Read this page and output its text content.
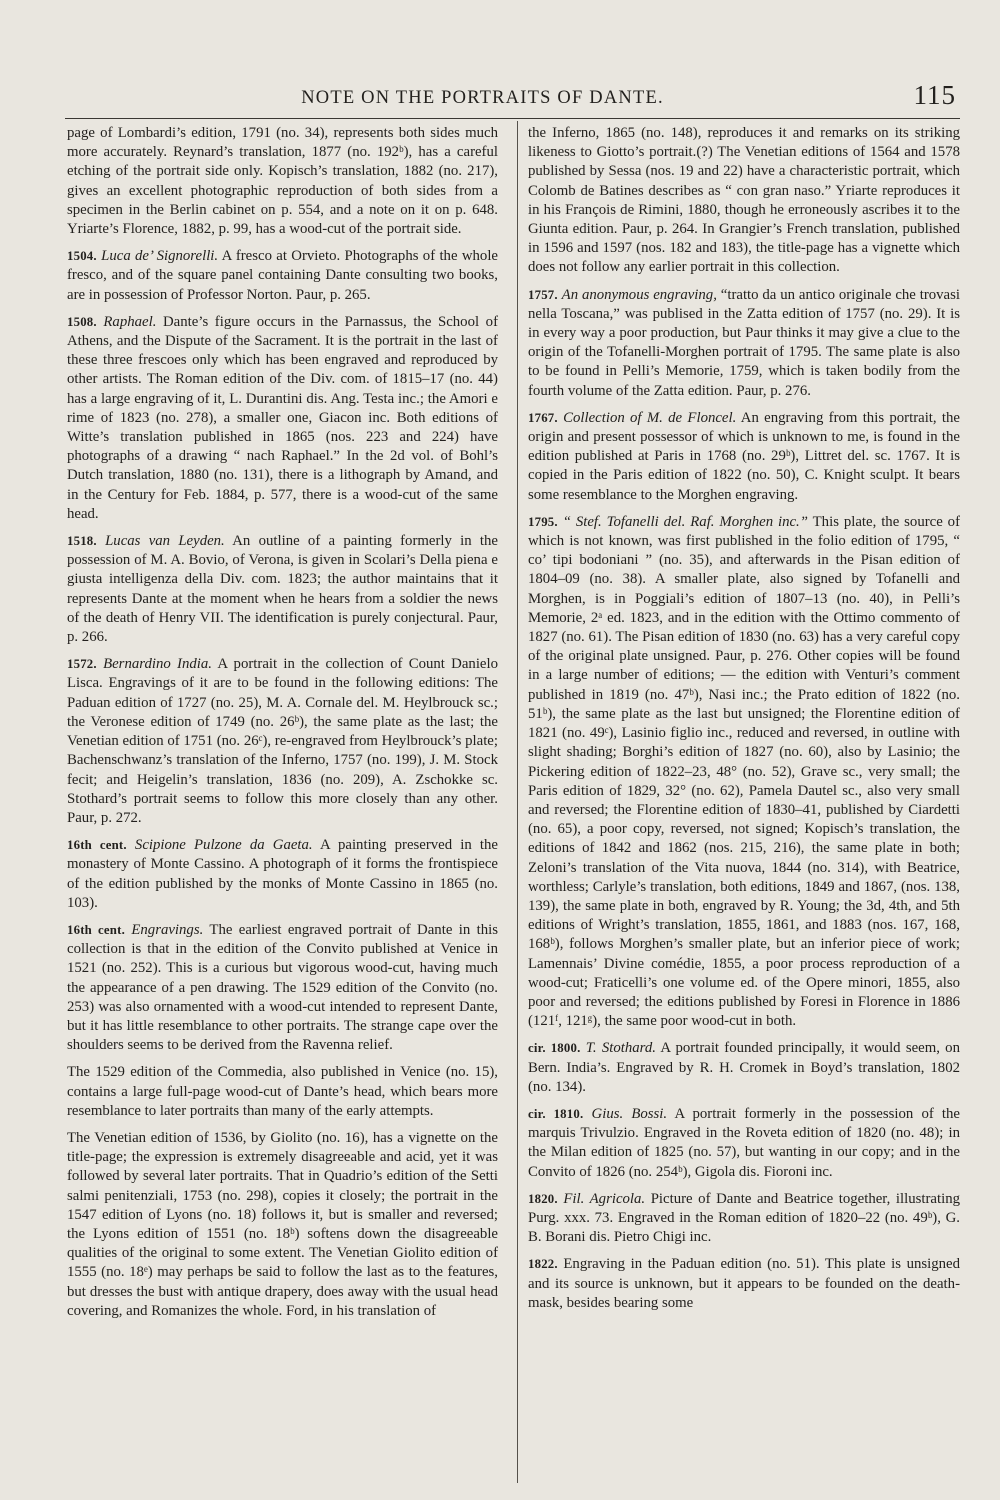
NOTE ON THE PORTRAITS OF DANTE.	115

page of Lombardi’s edition, 1791 (no. 34), represents both sides much more accurately. Reynard’s translation, 1877 (no. 192ᵇ), has a careful etching of the portrait side only. Kopisch’s translation, 1882 (no. 217), gives an excellent photographic reproduction of both sides from a specimen in the Berlin cabinet on p. 554, and a note on it on p. 648. Yriarte’s Florence, 1882, p. 99, has a wood-cut of the portrait side.

1504. Luca de’ Signorelli. A fresco at Orvieto. Photographs of the whole fresco, and of the square panel containing Dante consulting two books, are in possession of Professor Norton. Paur, p. 265.

1508. Raphael. Dante’s figure occurs in the Parnassus, the School of Athens, and the Dispute of the Sacrament. It is the portrait in the last of these three frescoes only which has been engraved and reproduced by other artists. The Roman edition of the Div. com. of 1815–17 (no. 44) has a large engraving of it, L. Durantini dis. Ang. Testa inc.; the Amori e rime of 1823 (no. 278), a smaller one, Giacon inc. Both editions of Witte’s translation published in 1865 (nos. 223 and 224) have photographs of a drawing “ nach Raphael.” In the 2d vol. of Bohl’s Dutch translation, 1880 (no. 131), there is a lithograph by Amand, and in the Century for Feb. 1884, p. 577, there is a wood-cut of the same head.

1518. Lucas van Leyden. An outline of a painting formerly in the possession of M. A. Bovio, of Verona, is given in Scolari’s Della piena e giusta intelligenza della Div. com. 1823; the author maintains that it represents Dante at the moment when he hears from a soldier the news of the death of Henry VII. The identification is purely conjectural. Paur, p. 266.

1572. Bernardino India. A portrait in the collection of Count Danielo Lisca. Engravings of it are to be found in the following editions: The Paduan edition of 1727 (no. 25), M. A. Cornale del. M. Heylbrouck sc.; the Veronese edition of 1749 (no. 26ᵇ), the same plate as the last; the Venetian edition of 1751 (no. 26ᶜ), re-engraved from Heylbrouck’s plate; Bachenschwanz’s translation of the Inferno, 1757 (no. 199), J. M. Stock fecit; and Heigelin’s translation, 1836 (no. 209), A. Zschokke sc. Stothard’s portrait seems to follow this more closely than any other. Paur, p. 272.

16th cent. Scipione Pulzone da Gaeta. A painting preserved in the monastery of Monte Cassino. A photograph of it forms the frontispiece of the edition published by the monks of Monte Cassino in 1865 (no. 103).

16th cent. Engravings. The earliest engraved portrait of Dante in this collection is that in the edition of the Convito published at Venice in 1521 (no. 252). This is a curious but vigorous wood-cut, having much the appearance of a pen drawing. The 1529 edition of the Convito (no. 253) was also ornamented with a wood-cut intended to represent Dante, but it has little resemblance to other portraits. The strange cape over the shoulders seems to be derived from the Ravenna relief.

The 1529 edition of the Commedia, also published in Venice (no. 15), contains a large full-page wood-cut of Dante’s head, which bears more resemblance to later portraits than many of the early attempts.

The Venetian edition of 1536, by Giolito (no. 16), has a vignette on the title-page; the expression is extremely disagreeable and acid, yet it was followed by several later portraits. That in Quadrio’s edition of the Setti salmi penitenziali, 1753 (no. 298), copies it closely; the portrait in the 1547 edition of Lyons (no. 18) follows it, but is smaller and reversed; the Lyons edition of 1551 (no. 18ᵇ) softens down the disagreeable qualities of the original to some extent. The Venetian Giolito edition of 1555 (no. 18ᵉ) may perhaps be said to follow the last as to the features, but dresses the bust with antique drapery, does away with the usual head covering, and Romanizes the whole. Ford, in his translation of

the Inferno, 1865 (no. 148), reproduces it and remarks on its striking likeness to Giotto’s portrait.(?) The Venetian editions of 1564 and 1578 published by Sessa (nos. 19 and 22) have a characteristic portrait, which Colomb de Batines describes as “ con gran naso.” Yriarte reproduces it in his François de Rimini, 1880, though he erroneously ascribes it to the Giunta edition. Paur, p. 264. In Grangier’s French translation, published in 1596 and 1597 (nos. 182 and 183), the title-page has a vignette which does not follow any earlier portrait in this collection.

1757. An anonymous engraving, “tratto da un antico originale che trovasi nella Toscana,” was publised in the Zatta edition of 1757 (no. 29). It is in every way a poor production, but Paur thinks it may give a clue to the origin of the Tofanelli-Morghen portrait of 1795. The same plate is also to be found in Pelli’s Memorie, 1759, which is taken bodily from the fourth volume of the Zatta edition. Paur, p. 276.

1767. Collection of M. de Floncel. An engraving from this portrait, the origin and present possessor of which is unknown to me, is found in the edition published at Paris in 1768 (no. 29ᵇ), Littret del. sc. 1767. It is copied in the Paris edition of 1822 (no. 50), C. Knight sculpt. It bears some resemblance to the Morghen engraving.

1795. “ Stef. Tofanelli del. Raf. Morghen inc.” This plate, the source of which is not known, was first published in the folio edition of 1795, “ co’ tipi bodoniani ” (no. 35), and afterwards in the Pisan edition of 1804–09 (no. 38). A smaller plate, also signed by Tofanelli and Morghen, is in Poggiali’s edition of 1807–13 (no. 40), in Pelli’s Memorie, 2ᵃ ed. 1823, and in the edition with the Ottimo commento of 1827 (no. 61). The Pisan edition of 1830 (no. 63) has a very careful copy of the original plate unsigned. Paur, p. 276. Other copies will be found in a large number of editions; — the edition with Venturi’s comment published in 1819 (no. 47ᵇ), Nasi inc.; the Prato edition of 1822 (no. 51ᵇ), the same plate as the last but unsigned; the Florentine edition of 1821 (no. 49ᶜ), Lasinio figlio inc., reduced and reversed, in outline with slight shading; Borghi’s edition of 1827 (no. 60), also by Lasinio; the Pickering edition of 1822–23, 48° (no. 52), Grave sc., very small; the Paris edition of 1829, 32° (no. 62), Pamela Dautel sc., also very small and reversed; the Florentine edition of 1830–41, published by Ciardetti (no. 65), a poor copy, reversed, not signed; Kopisch’s translation, the editions of 1842 and 1862 (nos. 215, 216), the same plate in both; Zeloni’s translation of the Vita nuova, 1844 (no. 314), with Beatrice, worthless; Carlyle’s translation, both editions, 1849 and 1867, (nos. 138, 139), the same plate in both, engraved by R. Young; the 3d, 4th, and 5th editions of Wright’s translation, 1855, 1861, and 1883 (nos. 167, 168, 168ᵇ), follows Morghen’s smaller plate, but an inferior piece of work; Lamennais’ Divine comédie, 1855, a poor process reproduction of a wood-cut; Fraticelli’s one volume ed. of the Opere minori, 1855, also poor and reversed; the editions published by Foresi in Florence in 1886 (121ᶠ, 121ᵍ), the same poor wood-cut in both.

cir. 1800. T. Stothard. A portrait founded principally, it would seem, on Bern. India’s. Engraved by R. H. Cromek in Boyd’s translation, 1802 (no. 134).

cir. 1810. Gius. Bossi. A portrait formerly in the possession of the marquis Trivulzio. Engraved in the Roveta edition of 1820 (no. 48); in the Milan edition of 1825 (no. 57), but wanting in our copy; and in the Convito of 1826 (no. 254ᵇ), Gigola dis. Fioroni inc.

1820. Fil. Agricola. Picture of Dante and Beatrice together, illustrating Purg. xxx. 73. Engraved in the Roman edition of 1820–22 (no. 49ᵇ), G. B. Borani dis. Pietro Chigi inc.

1822. Engraving in the Paduan edition (no. 51). This plate is unsigned and its source is unknown, but it appears to be founded on the death-mask, besides bearing some
